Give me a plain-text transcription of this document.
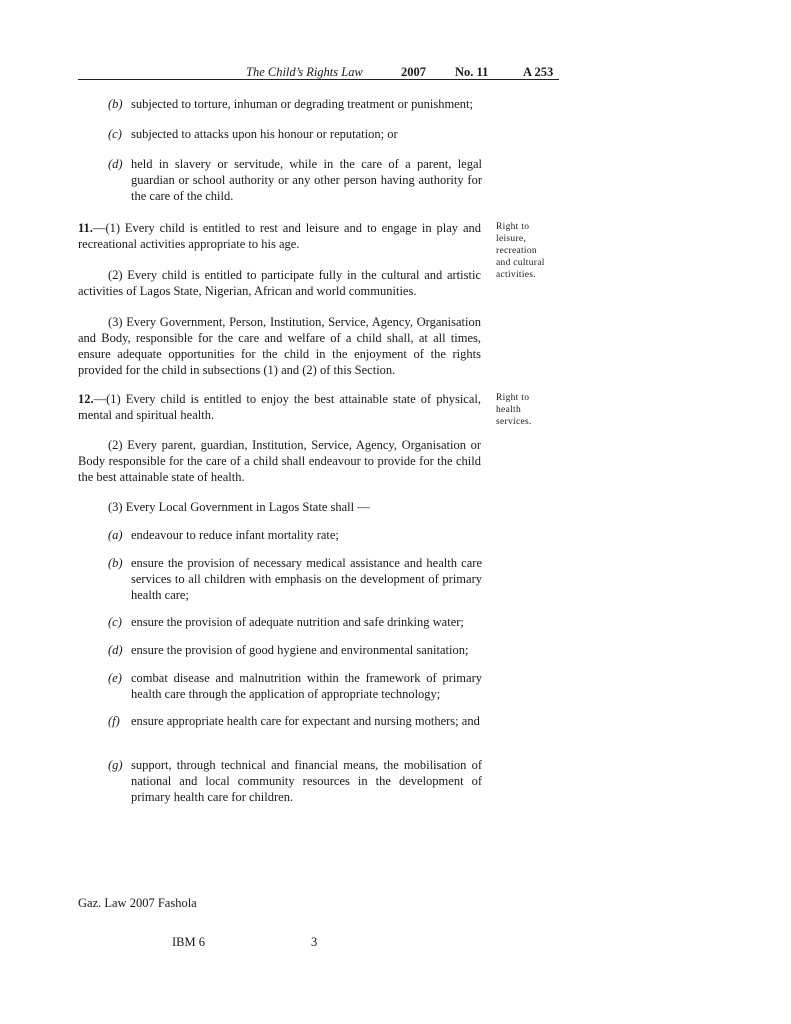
The Child’s Rights Law	2007 No. 11	A 253
(b) subjected to torture, inhuman or degrading treatment or punishment;
(c) subjected to attacks upon his honour or reputation; or
(d) held in slavery or servitude, while in the care of a parent, legal guardian or school authority or any other person having authority for the care of the child.
11.—(1) Every child is entitled to rest and leisure and to engage in play and recreational activities appropriate to his age.
Right to
leisure,
recreation
and cultural
activities.
(2) Every child is entitled to participate fully in the cultural and artistic activities of Lagos State, Nigerian, African and world communities.
(3) Every Government, Person, Institution, Service, Agency, Organisation and Body, responsible for the care and welfare of a child shall, at all times, ensure adequate opportunities for the child in the enjoyment of the rights provided for the child in subsections (1) and (2) of this Section.
12.—(1) Every child is entitled to enjoy the best attainable state of physical, mental and spiritual health.
Right to
health
services.
(2) Every parent, guardian, Institution, Service, Agency, Organisation or Body responsible for the care of a child shall endeavour to provide for the child the best attainable state of health.
(3) Every Local Government in Lagos State shall —
(a) endeavour to reduce infant mortality rate;
(b) ensure the provision of necessary medical assistance and health care services to all children with emphasis on the development of primary health care;
(c) ensure the provision of adequate nutrition and safe drinking water;
(d) ensure the provision of good hygiene and environmental sanitation;
(e) combat disease and malnutrition within the framework of primary health care through the application of appropriate technology;
(f) ensure appropriate health care for expectant and nursing mothers; and
(g) support, through technical and financial means, the mobilisation of national and local community resources in the development of primary health care for children.
Gaz. Law 2007 Fashola
IBM 6	3
